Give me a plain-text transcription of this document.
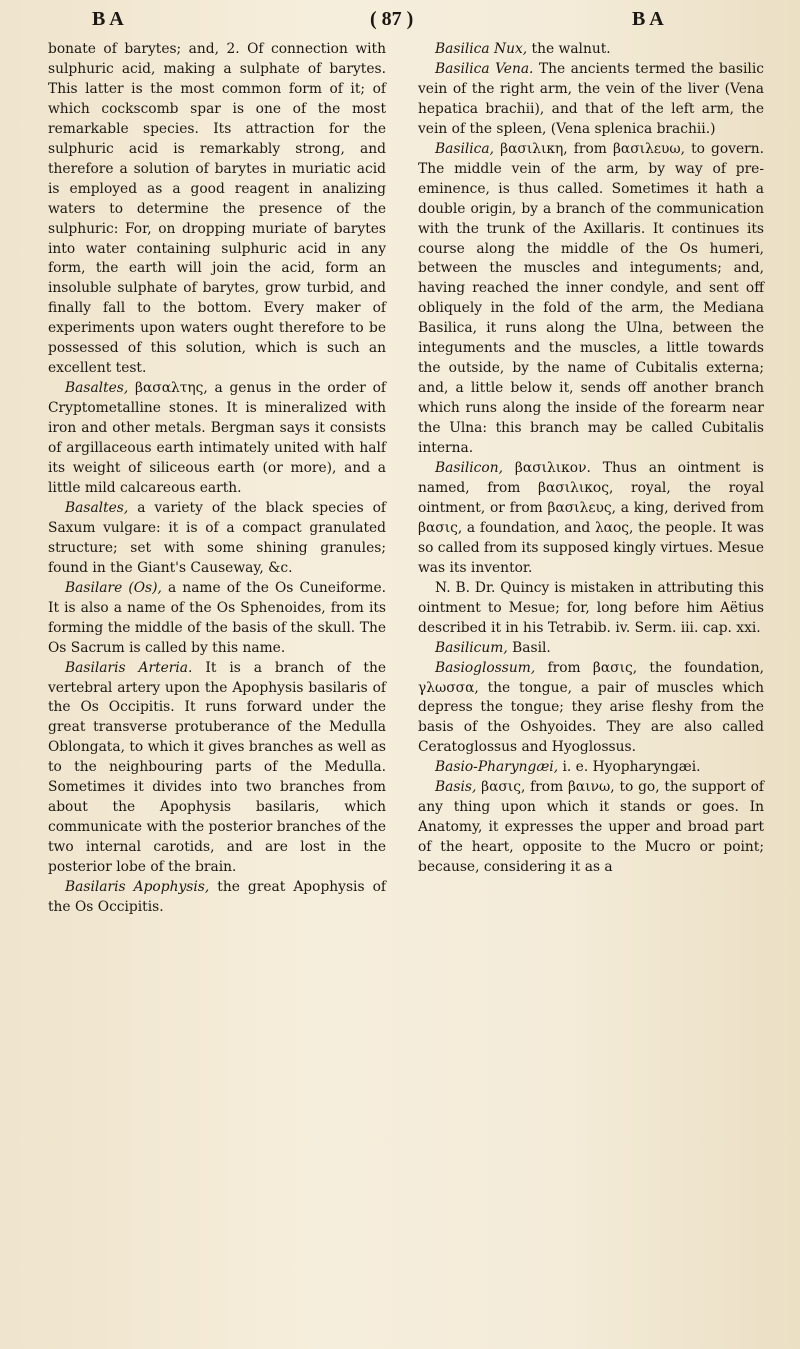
B A	( 87 )	B A

bonate of barytes; and, 2. Of connection with sulphuric acid, making a sulphate of barytes. This latter is the most common form of it; of which cockscomb spar is one of the most remarkable species. Its attraction for the sulphuric acid is remarkably strong, and therefore a solution of barytes in muriatic acid is employed as a good reagent in analizing waters to determine the presence of the sulphuric: For, on dropping muriate of barytes into water containing sulphuric acid in any form, the earth will join the acid, form an insoluble sulphate of barytes, grow turbid, and finally fall to the bottom. Every maker of experiments upon waters ought therefore to be possessed of this solution, which is such an excellent test.

Basaltes, βασαλτης, a genus in the order of Cryptometalline stones. It is mineralized with iron and other metals. Bergman says it consists of argillaceous earth intimately united with half its weight of siliceous earth (or more), and a little mild calcareous earth.

Basaltes, a variety of the black species of Saxum vulgare: it is of a compact granulated structure; set with some shining granules; found in the Giant's Causeway, &c.

Basilare (Os), a name of the Os Cuneiforme. It is also a name of the Os Sphenoides, from its forming the middle of the basis of the skull. The Os Sacrum is called by this name.

Basilaris Arteria. It is a branch of the vertebral artery upon the Apophysis basilaris of the Os Occipitis. It runs forward under the great transverse protuberance of the Medulla Oblongata, to which it gives branches as well as to the neighbouring parts of the Medulla. Sometimes it divides into two branches from about the Apophysis basilaris, which communicate with the posterior branches of the two internal carotids, and are lost in the posterior lobe of the brain.

Basilaris Apophysis, the great Apophysis of the Os Occipitis.

Basilica Nux, the walnut.

Basilica Vena. The ancients termed the basilic vein of the right arm, the vein of the liver (Vena hepatica brachii), and that of the left arm, the vein of the spleen, (Vena splenica brachii.)

Basilica, βασιλικη, from βασιλευω, to govern. The middle vein of the arm, by way of pre-eminence, is thus called. Sometimes it hath a double origin, by a branch of the communication with the trunk of the Axillaris. It continues its course along the middle of the Os humeri, between the muscles and integuments; and, having reached the inner condyle, and sent off obliquely in the fold of the arm, the Mediana Basilica, it runs along the Ulna, between the integuments and the muscles, a little towards the outside, by the name of Cubitalis externa; and, a little below it, sends off another branch which runs along the inside of the forearm near the Ulna: this branch may be called Cubitalis interna.

Basilicon, βασιλικον. Thus an ointment is named, from βασιλικος, royal, the royal ointment, or from βασιλευς, a king, derived from βασις, a foundation, and λαος, the people. It was so called from its supposed kingly virtues. Mesue was its inventor.

N. B. Dr. Quincy is mistaken in attributing this ointment to Mesue; for, long before him Aëtius described it in his Tetrabib. iv. Serm. iii. cap. xxi.

Basilicum, Basil.

Basioglossum, from βασις, the foundation, γλωσσα, the tongue, a pair of muscles which depress the tongue; they arise fleshy from the basis of the Oshyoides. They are also called Ceratoglossus and Hyoglossus.

Basio-Pharyngæi, i. e. Hyopharyngæi.

Basis, βασις, from βαινω, to go, the support of any thing upon which it stands or goes. In Anatomy, it expresses the upper and broad part of the heart, opposite to the Mucro or point; because, considering it as a
